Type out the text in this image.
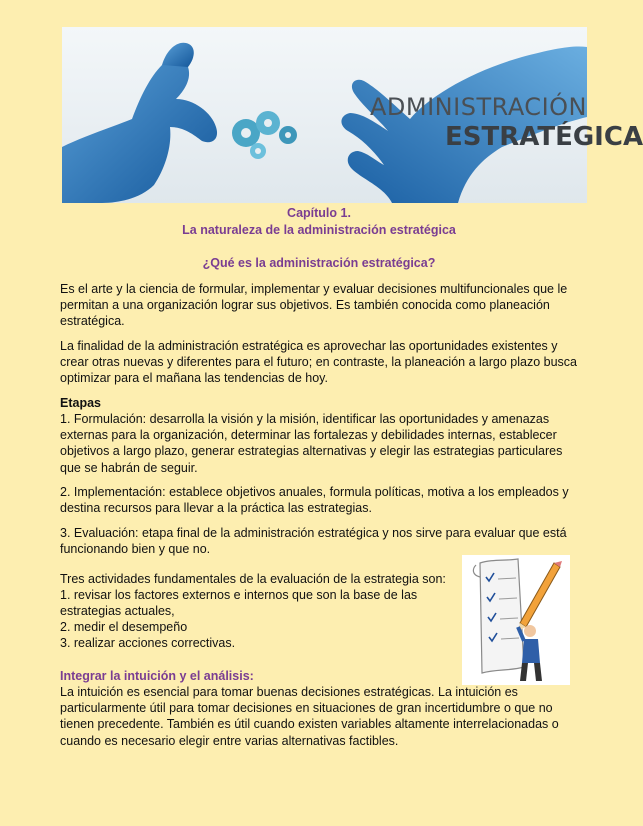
ADMINISTRACIÓN
ESTRATÉGICA
Capítulo 1.
La naturaleza de la administración estratégica
¿Qué es la administración estratégica?
Es el arte y la ciencia de formular, implementar y evaluar decisiones multifuncionales que le permitan a una organización lograr sus objetivos. Es también conocida como planeación estratégica.
La finalidad de la administración estratégica es aprovechar las oportunidades existentes y crear otras nuevas y diferentes para el futuro; en contraste, la planeación a largo plazo busca optimizar para el mañana las tendencias de hoy.
Etapas
1. Formulación: desarrolla la visión y la misión, identificar las oportunidades y amenazas externas para la organización, determinar las fortalezas y debilidades internas, establecer objetivos a largo plazo, generar estrategias alternativas y elegir las estrategias particulares que se habrán de seguir.
2. Implementación: establece objetivos anuales, formula políticas, motiva a los empleados y destina recursos para llevar a la práctica las estrategias.
3. Evaluación: etapa final de la administración estratégica y nos sirve para evaluar que está funcionando bien y que no.
Tres actividades fundamentales de la evaluación de la estrategia son:
1. revisar los factores externos e internos que son la base de las estrategias actuales,
2. medir el desempeño
3. realizar acciones correctivas.
Integrar la intuición y el análisis:
La intuición es esencial para tomar buenas decisiones estratégicas. La intuición es particularmente útil para tomar decisiones en situaciones de gran incertidumbre o que no tienen precedente. También es útil cuando existen variables altamente interrelacionadas o cuando es necesario elegir entre varias alternativas factibles.
